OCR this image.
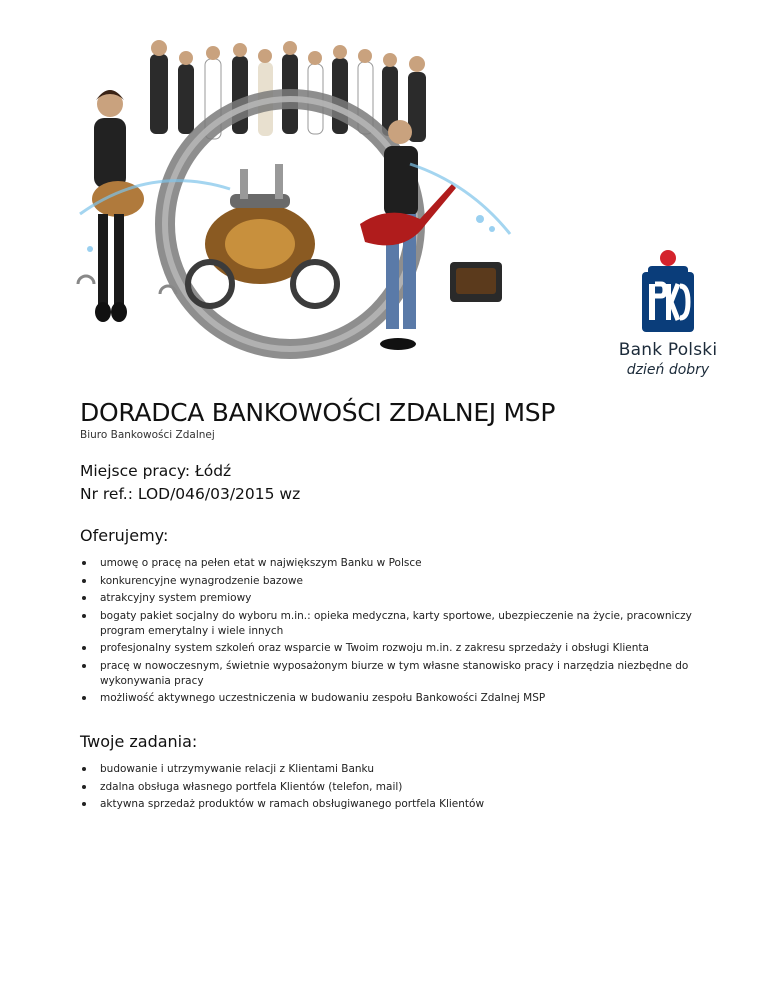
Bank Polski
dzień dobry
DORADCA BANKOWOŚCI ZDALNEJ MSP

Biuro Bankowości Zdalnej

Miejsce pracy: Łódź

Nr ref.: LOD/046/03/2015 wz

Oferujemy:
umowę o pracę na pełen etat w największym Banku w Polsce
konkurencyjne wynagrodzenie bazowe
atrakcyjny system premiowy
bogaty pakiet socjalny do wyboru m.in.: opieka medyczna, karty sportowe, ubezpieczenie na życie, pracowniczy program emerytalny i wiele innych
profesjonalny system szkoleń oraz wsparcie w Twoim rozwoju m.in. z zakresu sprzedaży i obsługi Klienta
pracę w nowoczesnym, świetnie wyposażonym biurze w tym własne stanowisko pracy i narzędzia niezbędne do wykonywania pracy
możliwość aktywnego uczestniczenia w budowaniu zespołu Bankowości Zdalnej MSP
Twoje zadania:
budowanie i utrzymywanie relacji z Klientami Banku
zdalna obsługa własnego portfela Klientów (telefon, mail)
aktywna sprzedaż produktów w ramach obsługiwanego portfela Klientów
